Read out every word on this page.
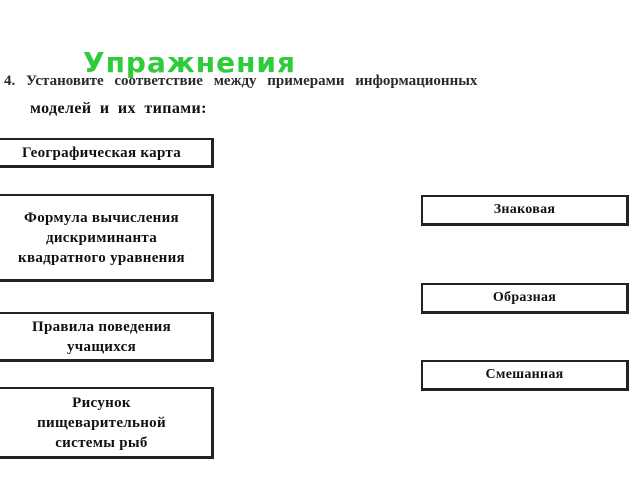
Упражнения
4. Установите соответствие между примерами информационных
моделей и их типами:
Географическая карта
Формула вычисления
дискриминанта
квадратного уравнения
Правила поведения
учащихся
Рисунок
пищеварительной
системы рыб
Знаковая
Образная
Смешанная
